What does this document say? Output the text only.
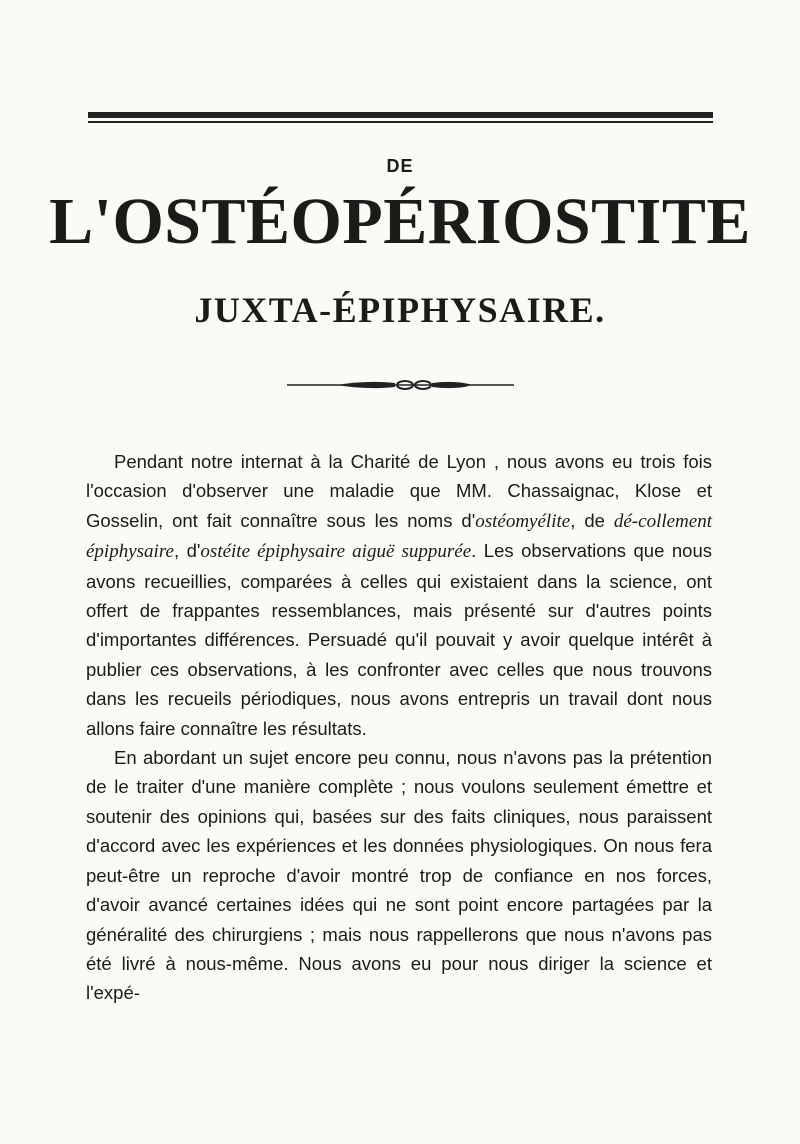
DE
L'OSTÉOPÉRIOSTITE
JUXTA-ÉPIPHYSAIRE.

Pendant notre internat à la Charité de Lyon , nous avons eu trois fois l'occasion d'observer une maladie que MM. Chassaignac, Klose et Gosselin, ont fait connaître sous les noms d'ostéomyélite, de dé-collement épiphysaire, d'ostéite épiphysaire aiguë suppurée. Les observations que nous avons recueillies, comparées à celles qui existaient dans la science, ont offert de frappantes ressemblances, mais présenté sur d'autres points d'importantes différences. Persuadé qu'il pouvait y avoir quelque intérêt à publier ces observations, à les confronter avec celles que nous trouvons dans les recueils périodiques, nous avons entrepris un travail dont nous allons faire connaître les résultats.

En abordant un sujet encore peu connu, nous n'avons pas la prétention de le traiter d'une manière complète ; nous voulons seulement émettre et soutenir des opinions qui, basées sur des faits cliniques, nous paraissent d'accord avec les expériences et les données physiologiques. On nous fera peut-être un reproche d'avoir montré trop de confiance en nos forces, d'avoir avancé certaines idées qui ne sont point encore partagées par la généralité des chirurgiens ; mais nous rappellerons que nous n'avons pas été livré à nous-même. Nous avons eu pour nous diriger la science et l'expé-
